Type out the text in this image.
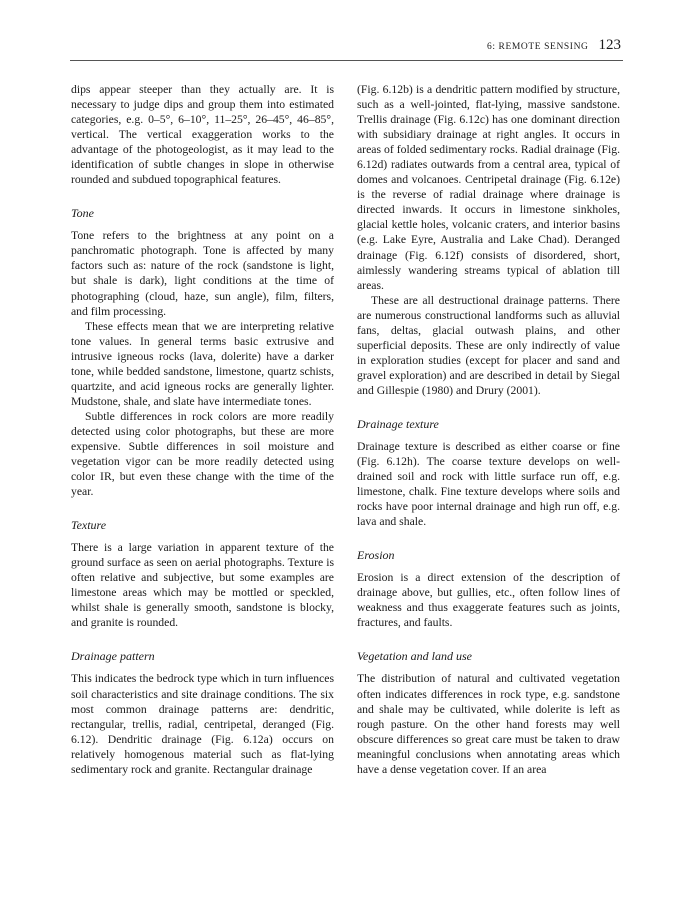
6: REMOTE SENSING 123

dips appear steeper than they actually are. It is necessary to judge dips and group them into estimated categories, e.g. 0–5°, 6–10°, 11–25°, 26–45°, 46–85°, vertical. The vertical exaggeration works to the advantage of the photogeologist, as it may lead to the identification of subtle changes in slope in otherwise rounded and subdued topographical features.

Tone

Tone refers to the brightness at any point on a panchromatic photograph. Tone is affected by many factors such as: nature of the rock (sandstone is light, but shale is dark), light conditions at the time of photographing (cloud, haze, sun angle), film, filters, and film processing.

These effects mean that we are interpreting relative tone values. In general terms basic extrusive and intrusive igneous rocks (lava, dolerite) have a darker tone, while bedded sandstone, limestone, quartz schists, quartzite, and acid igneous rocks are generally lighter. Mudstone, shale, and slate have intermediate tones.

Subtle differences in rock colors are more readily detected using color photographs, but these are more expensive. Subtle differences in soil moisture and vegetation vigor can be more readily detected using color IR, but even these change with the time of the year.

Texture

There is a large variation in apparent texture of the ground surface as seen on aerial photographs. Texture is often relative and subjective, but some examples are limestone areas which may be mottled or speckled, whilst shale is generally smooth, sandstone is blocky, and granite is rounded.

Drainage pattern

This indicates the bedrock type which in turn influences soil characteristics and site drainage conditions. The six most common drainage patterns are: dendritic, rectangular, trellis, radial, centripetal, deranged (Fig. 6.12). Dendritic drainage (Fig. 6.12a) occurs on relatively homogenous material such as flat-lying sedimentary rock and granite. Rectangular drainage

(Fig. 6.12b) is a dendritic pattern modified by structure, such as a well-jointed, flat-lying, massive sandstone. Trellis drainage (Fig. 6.12c) has one dominant direction with subsidiary drainage at right angles. It occurs in areas of folded sedimentary rocks. Radial drainage (Fig. 6.12d) radiates outwards from a central area, typical of domes and volcanoes. Centripetal drainage (Fig. 6.12e) is the reverse of radial drainage where drainage is directed inwards. It occurs in limestone sinkholes, glacial kettle holes, volcanic craters, and interior basins (e.g. Lake Eyre, Australia and Lake Chad). Deranged drainage (Fig. 6.12f) consists of disordered, short, aimlessly wandering streams typical of ablation till areas.

These are all destructional drainage patterns. There are numerous constructional landforms such as alluvial fans, deltas, glacial outwash plains, and other superficial deposits. These are only indirectly of value in exploration studies (except for placer and sand and gravel exploration) and are described in detail by Siegal and Gillespie (1980) and Drury (2001).

Drainage texture

Drainage texture is described as either coarse or fine (Fig. 6.12h). The coarse texture develops on well-drained soil and rock with little surface run off, e.g. limestone, chalk. Fine texture develops where soils and rocks have poor internal drainage and high run off, e.g. lava and shale.

Erosion

Erosion is a direct extension of the description of drainage above, but gullies, etc., often follow lines of weakness and thus exaggerate features such as joints, fractures, and faults.

Vegetation and land use

The distribution of natural and cultivated vegetation often indicates differences in rock type, e.g. sandstone and shale may be cultivated, while dolerite is left as rough pasture. On the other hand forests may well obscure differences so great care must be taken to draw meaningful conclusions when annotating areas which have a dense vegetation cover. If an area
